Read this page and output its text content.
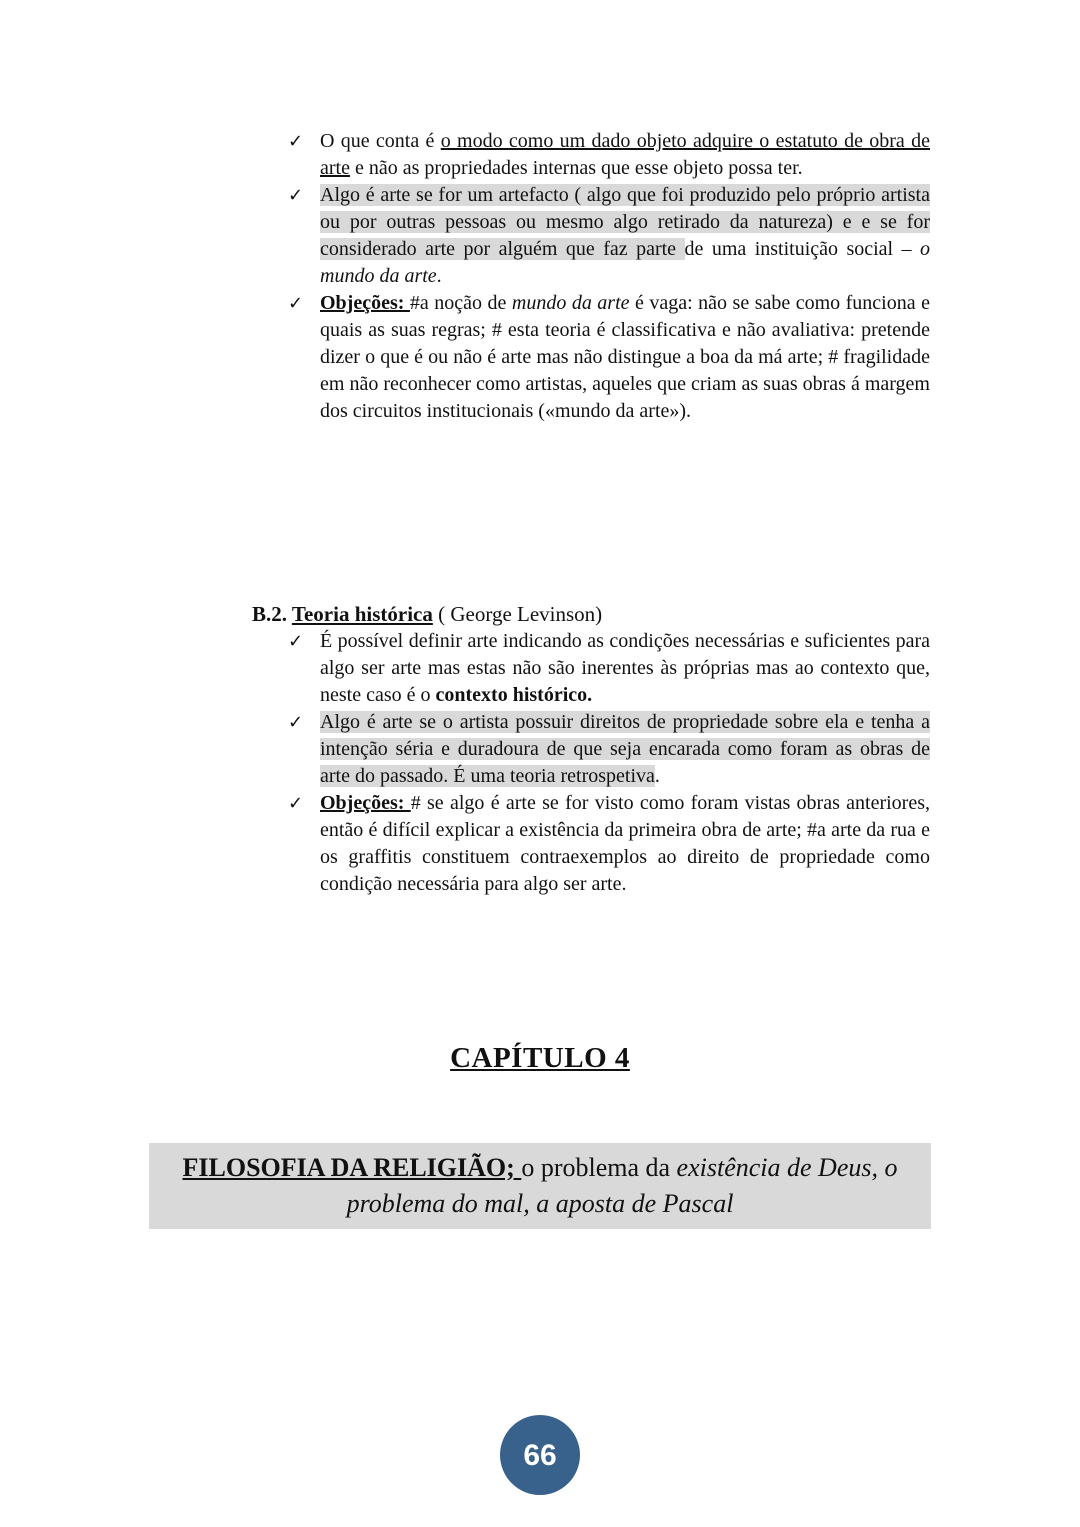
✓ O que conta é o modo como um dado objeto adquire o estatuto de obra de arte e não as propriedades internas que esse objeto possa ter.
✓ Algo é arte se for um artefacto ( algo que foi produzido pelo próprio artista ou por outras pessoas ou mesmo algo retirado da natureza) e e se for considerado arte por alguém que faz parte de uma instituição social – o mundo da arte.
✓ Objeções: #a noção de mundo da arte é vaga: não se sabe como funciona e quais as suas regras; # esta teoria é classificativa e não avaliativa: pretende dizer o que é ou não é arte mas não distingue a boa da má arte; # fragilidade em não reconhecer como artistas, aqueles que criam as suas obras á margem dos circuitos institucionais («mundo da arte»).
B.2. Teoria histórica ( George Levinson)
✓ É possível definir arte indicando as condições necessárias e suficientes para algo ser arte mas estas não são inerentes às próprias mas ao contexto que, neste caso é o contexto histórico.
✓ Algo é arte se o artista possuir direitos de propriedade sobre ela e tenha a intenção séria e duradoura de que seja encarada como foram as obras de arte do passado. É uma teoria retrospetiva.
✓ Objeções: # se algo é arte se for visto como foram vistas obras anteriores, então é difícil explicar a existência da primeira obra de arte; #a arte da rua e os graffitis constituem contraexemplos ao direito de propriedade como condição necessária para algo ser arte.
CAPÍTULO 4
FILOSOFIA DA RELIGIÃO; o problema da existência de Deus, o problema do mal, a aposta de Pascal
66
